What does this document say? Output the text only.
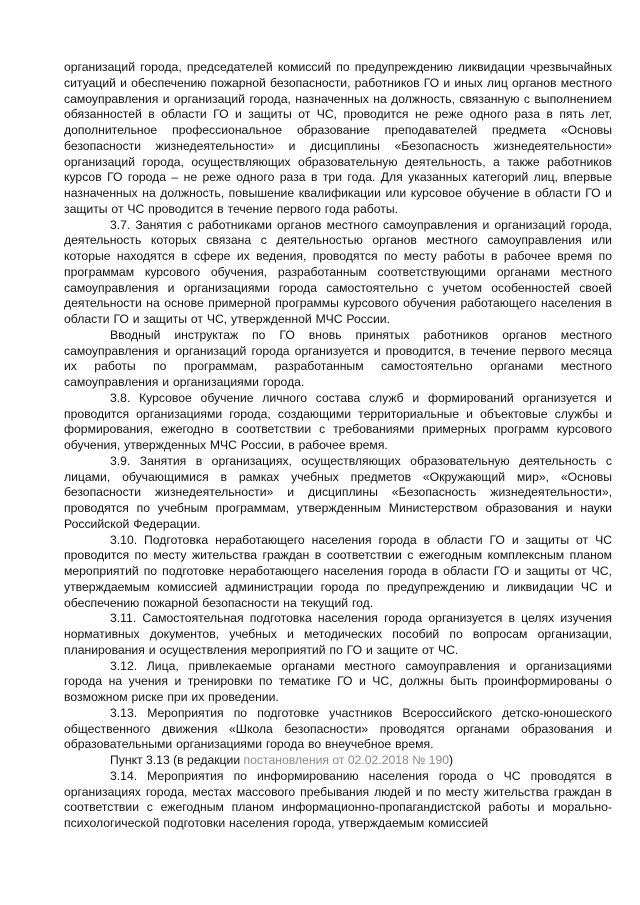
организаций города, председателей комиссий по предупреждению ликвидации чрезвычайных ситуаций и обеспечению пожарной безопасности, работников ГО и иных лиц органов местного самоуправления и организаций города, назначенных на должность, связанную с выполнением обязанностей в области ГО и защиты от ЧС, проводится не реже одного раза в пять лет, дополнительное профессиональное образование преподавателей предмета «Основы безопасности жизнедеятельности» и дисциплины «Безопасность жизнедеятельности» организаций города, осуществляющих образовательную деятельность, а также работников курсов ГО города – не реже одного раза в три года. Для указанных категорий лиц, впервые назначенных на должность, повышение квалификации или курсовое обучение в области ГО и защиты от ЧС проводится в течение первого года работы.

3.7. Занятия с работниками органов местного самоуправления и организаций города, деятельность которых связана с деятельностью органов местного самоуправления или которые находятся в сфере их ведения, проводятся по месту работы в рабочее время по программам курсового обучения, разработанным соответствующими органами местного самоуправления и организациями города самостоятельно с учетом особенностей своей деятельности на основе примерной программы курсового обучения работающего населения в области ГО и защиты от ЧС, утвержденной МЧС России.

Вводный инструктаж по ГО вновь принятых работников органов местного самоуправления и организаций города организуется и проводится, в течение первого месяца их работы по программам, разработанным самостоятельно органами местного самоуправления и организациями города.

3.8. Курсовое обучение личного состава служб и формирований организуется и проводится организациями города, создающими территориальные и объектовые службы и формирования, ежегодно в соответствии с требованиями примерных программ курсового обучения, утвержденных МЧС России, в рабочее время.

3.9. Занятия в организациях, осуществляющих образовательную деятельность с лицами, обучающимися в рамках учебных предметов «Окружающий мир», «Основы безопасности жизнедеятельности» и дисциплины «Безопасность жизнедеятельности», проводятся по учебным программам, утвержденным Министерством образования и науки Российской Федерации.

3.10. Подготовка неработающего населения города в области ГО и защиты от ЧС проводится по месту жительства граждан в соответствии с ежегодным комплексным планом мероприятий по подготовке неработающего населения города в области ГО и защиты от ЧС, утверждаемым комиссией администрации города по предупреждению и ликвидации ЧС и обеспечению пожарной безопасности на текущий год.

3.11. Самостоятельная подготовка населения города организуется в целях изучения нормативных документов, учебных и методических пособий по вопросам организации, планирования и осуществления мероприятий по ГО и защите от ЧС.

3.12. Лица, привлекаемые органами местного самоуправления и организациями города на учения и тренировки по тематике ГО и ЧС, должны быть проинформированы о возможном риске при их проведении.

3.13. Мероприятия по подготовке участников Всероссийского детско-юношеского общественного движения «Школа безопасности» проводятся органами образования и образовательными организациями города во внеучебное время.

Пункт 3.13 (в редакции постановления от 02.02.2018 № 190)

3.14. Мероприятия по информированию населения города о ЧС проводятся в организациях города, местах массового пребывания людей и по месту жительства граждан в соответствии с ежегодным планом информационно-пропагандистской работы и морально-психологической подготовки населения города, утверждаемым комиссией
